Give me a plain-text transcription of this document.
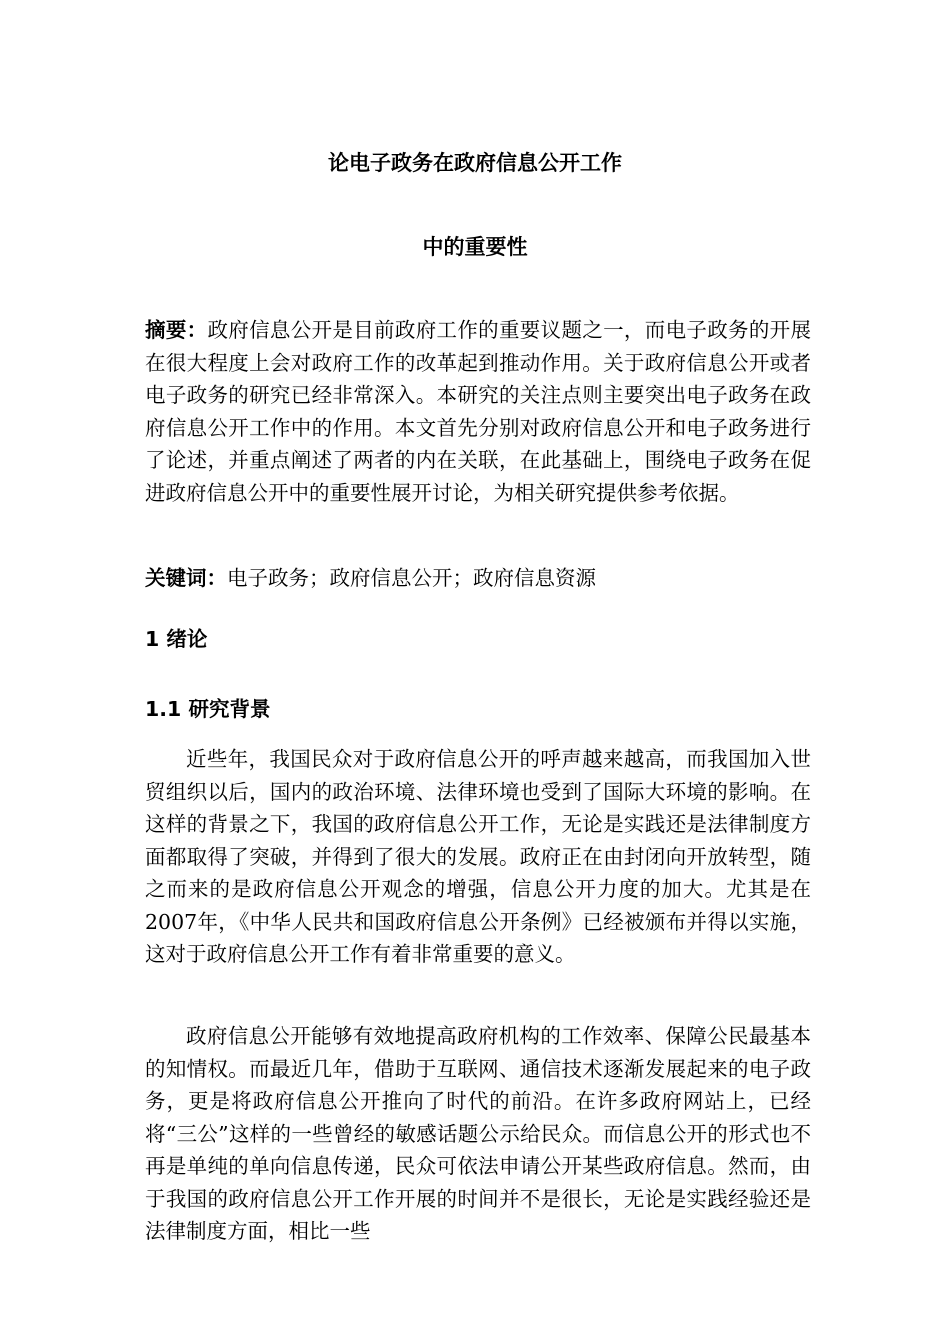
论电子政务在政府信息公开工作
中的重要性

摘要：政府信息公开是目前政府工作的重要议题之一，而电子政务的开展在很大程度上会对政府工作的改革起到推动作用。关于政府信息公开或者电子政务的研究已经非常深入。本研究的关注点则主要突出电子政务在政府信息公开工作中的作用。本文首先分别对政府信息公开和电子政务进行了论述，并重点阐述了两者的内在关联，在此基础上，围绕电子政务在促进政府信息公开中的重要性展开讨论，为相关研究提供参考依据。

关键词：电子政务；政府信息公开；政府信息资源

1 绪论
1.1 研究背景

近些年，我国民众对于政府信息公开的呼声越来越高，而我国加入世贸组织以后，国内的政治环境、法律环境也受到了国际大环境的影响。在这样的背景之下，我国的政府信息公开工作，无论是实践还是法律制度方面都取得了突破，并得到了很大的发展。政府正在由封闭向开放转型，随之而来的是政府信息公开观念的增强，信息公开力度的加大。尤其是在2007年，《中华人民共和国政府信息公开条例》已经被颁布并得以实施，这对于政府信息公开工作有着非常重要的意义。

政府信息公开能够有效地提高政府机构的工作效率、保障公民最基本的知情权。而最近几年，借助于互联网、通信技术逐渐发展起来的电子政务，更是将政府信息公开推向了时代的前沿。在许多政府网站上，已经将“三公”这样的一些曾经的敏感话题公示给民众。而信息公开的形式也不再是单纯的单向信息传递，民众可依法申请公开某些政府信息。然而，由于我国的政府信息公开工作开展的时间并不是很长，无论是实践经验还是法律制度方面，相比一些
